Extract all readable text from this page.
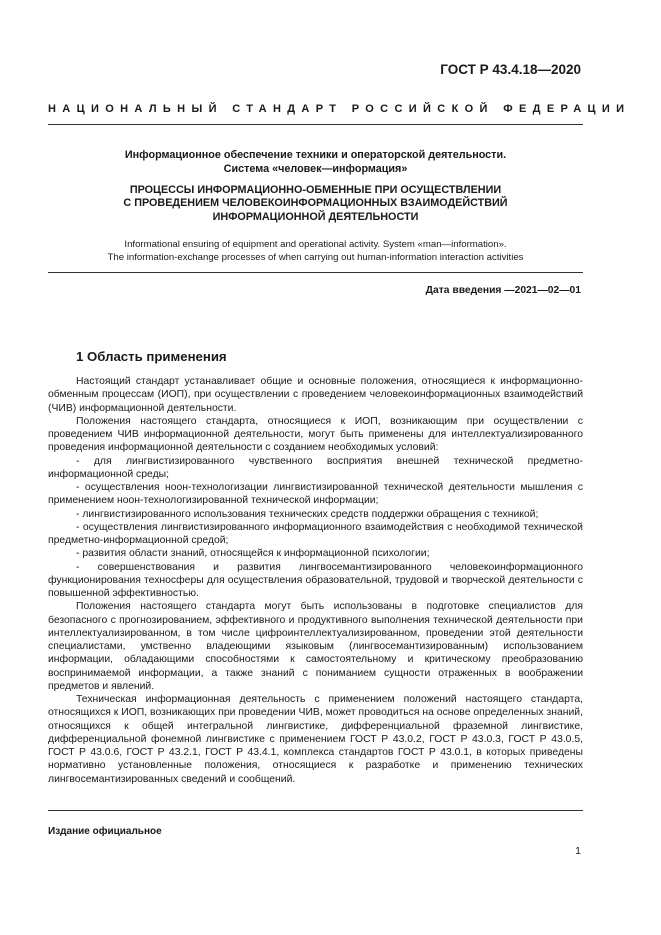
ГОСТ Р 43.4.18—2020
НАЦИОНАЛЬНЫЙ СТАНДАРТ РОССИЙСКОЙ ФЕДЕРАЦИИ
Информационное обеспечение техники и операторской деятельности.
Система «человек—информация»
ПРОЦЕССЫ ИНФОРМАЦИОННО-ОБМЕННЫЕ ПРИ ОСУЩЕСТВЛЕНИИ
С ПРОВЕДЕНИЕМ ЧЕЛОВЕКОИНФОРМАЦИОННЫХ ВЗАИМОДЕЙСТВИЙ
ИНФОРМАЦИОННОЙ ДЕЯТЕЛЬНОСТИ
Informational ensuring of equipment and operational activity. System «man—information».
The information-exchange processes of when carrying out human-information interaction activities
Дата введения —2021—02—01
1 Область применения

Настоящий стандарт устанавливает общие и основные положения, относящиеся к информационно-обменным процессам (ИОП), при осуществлении с проведением человекоинформационных взаимодействий (ЧИВ) информационной деятельности.

Положения настоящего стандарта, относящиеся к ИОП, возникающим при осуществлении с проведением ЧИВ информационной деятельности, могут быть применены для интеллектуализированного проведения информационной деятельности с созданием необходимых условий:

- для лингвистизированного чувственного восприятия внешней технической предметно-информационной среды;

- осуществления ноон-технологизации лингвистизированной технической деятельности мышления с применением ноон-технологизированной технической информации;

- лингвистизированного использования технических средств поддержки обращения с техникой;

- осуществления лингвистизированного информационного взаимодействия с необходимой технической предметно-информационной средой;

- развития области знаний, относящейся к информационной психологии;

- совершенствования и развития лингвосемантизированного человекоинформационного функционирования техносферы для осуществления образовательной, трудовой и творческой деятельности с повышенной эффективностью.

Положения настоящего стандарта могут быть использованы в подготовке специалистов для безопасного с прогнозированием, эффективного и продуктивного выполнения технической деятельности при интеллектуализированном, в том числе цифроинтеллектуализированном, проведении этой деятельности специалистами, умственно владеющими языковым (лингвосемантизированным) использованием информации, обладающими способностями к самостоятельному и критическому преобразованию воспринимаемой информации, а также знаний с пониманием сущности отраженных в воображении предметов и явлений.

Техническая информационная деятельность с применением положений настоящего стандарта, относящихся к ИОП, возникающих при проведении ЧИВ, может проводиться на основе определенных знаний, относящихся к общей интегральной лингвистике, дифференциальной фраземной лингвистике, дифференциальной фонемной лингвистике с применением ГОСТ Р 43.0.2, ГОСТ Р 43.0.3, ГОСТ Р 43.0.5, ГОСТ Р 43.0.6, ГОСТ Р 43.2.1, ГОСТ Р 43.4.1, комплекса стандартов ГОСТ Р 43.0.1, в которых приведены нормативно установленные положения, относящиеся к разработке и применению технических лингвосемантизированных сведений и сообщений.

Издание официальное
1
